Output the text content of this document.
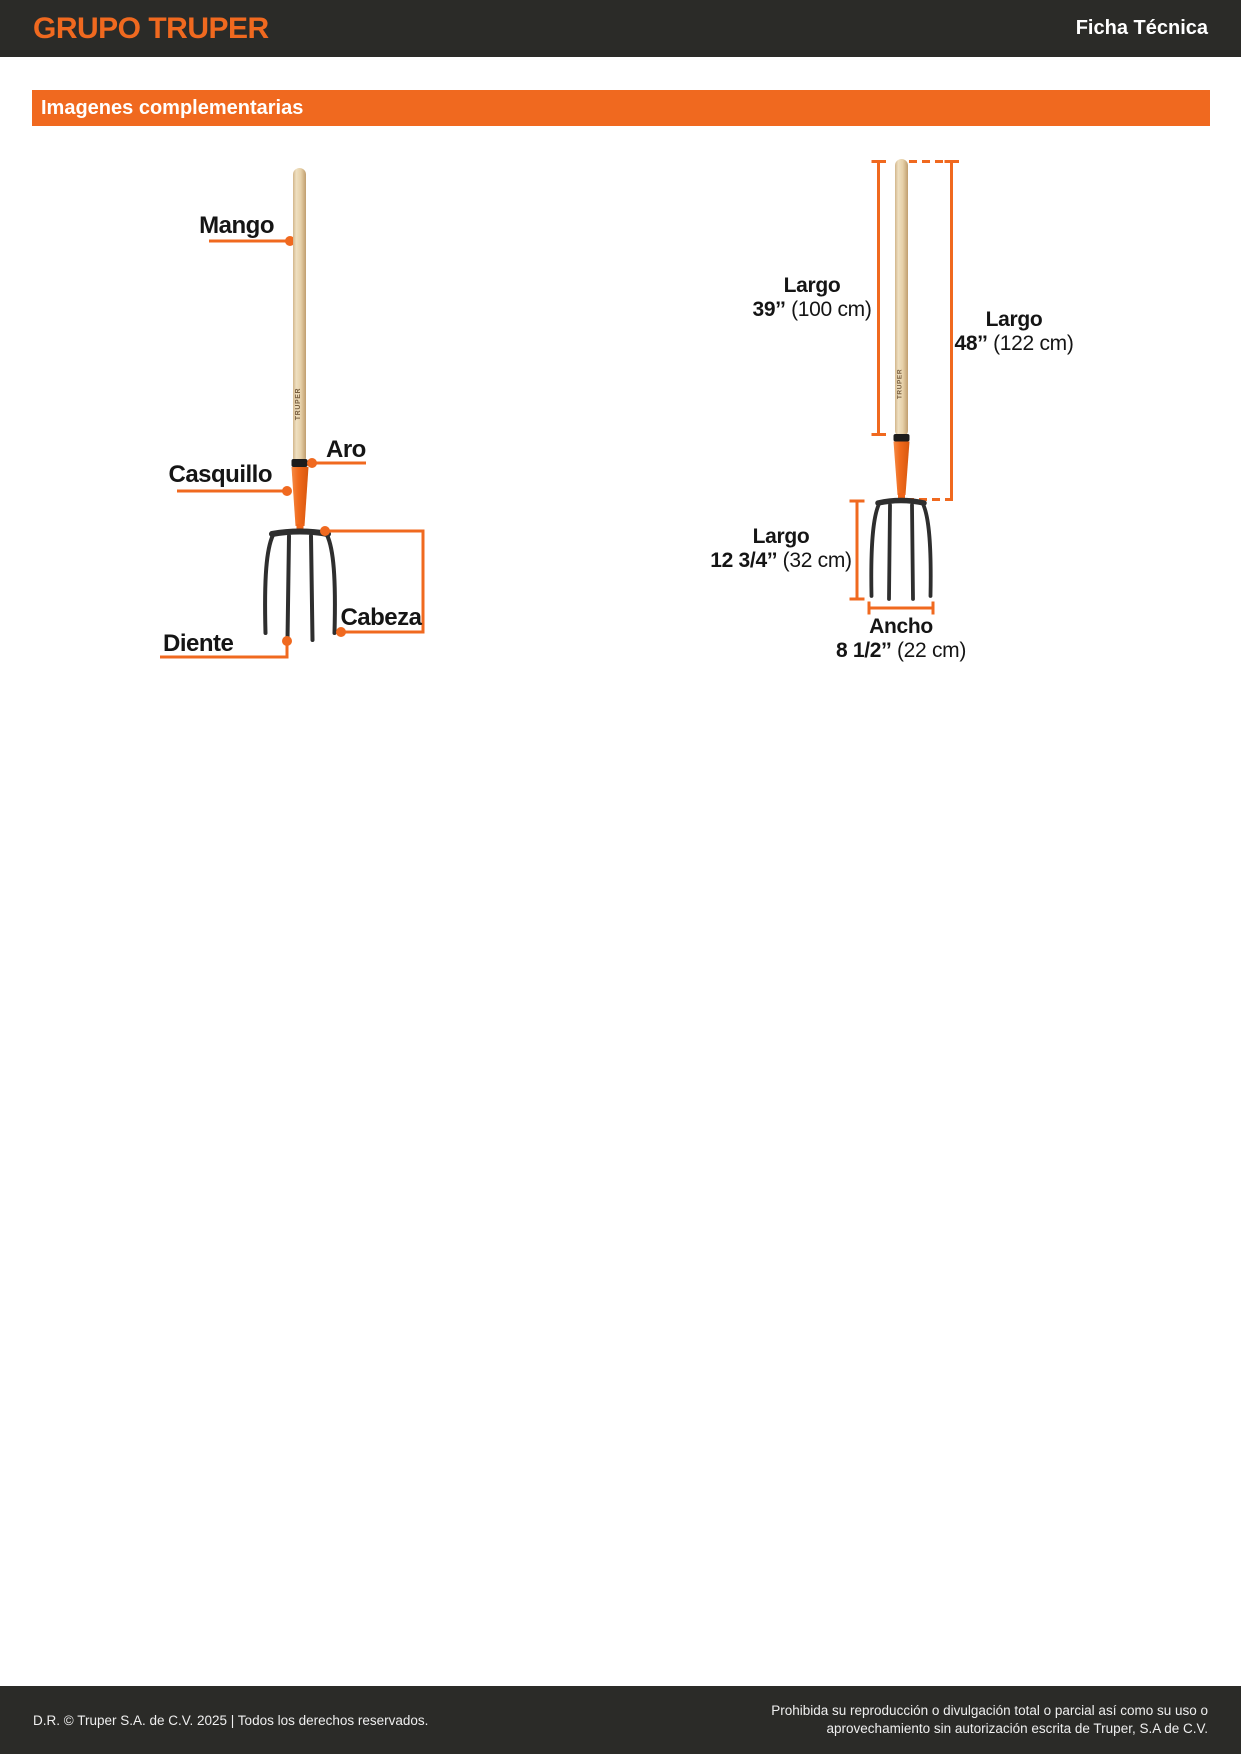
GRUPO TRUPER	Ficha Técnica
Imagenes complementarias
TRUPER
Mango
Aro
Casquillo
Cabeza
Diente
TRUPER
Largo
39’’ (100 cm)	Largo
48’’ (122 cm)
Largo
12 3/4’’ (32 cm)
Ancho
8 1/2’’ (22 cm)
D.R. © Truper S.A. de C.V. 2025 | Todos los derechos reservados.
Prohibida su reproducción o divulgación total o parcial así como su uso o
aprovechamiento sin autorización escrita de Truper, S.A de C.V.
